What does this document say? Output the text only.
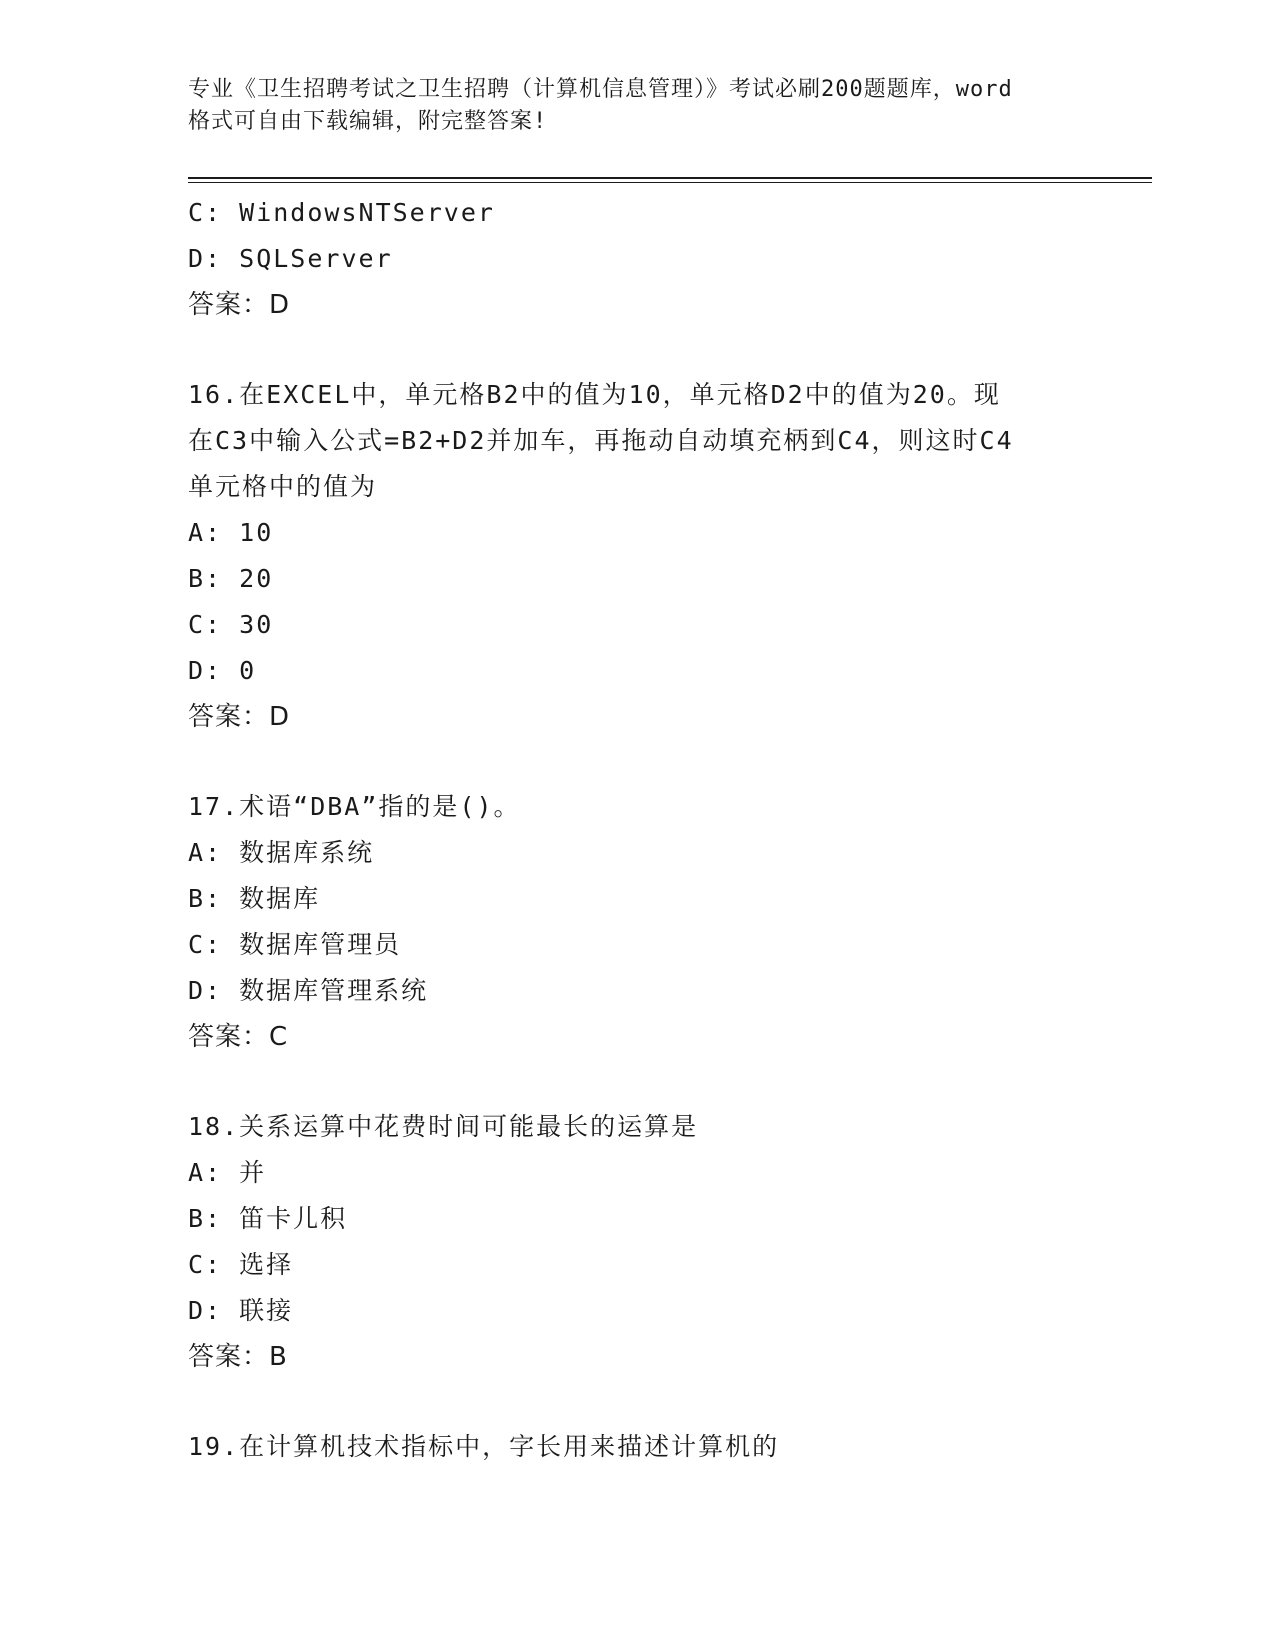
专业《卫生招聘考试之卫生招聘（计算机信息管理）》考试必刷200题题库，word
格式可自由下载编辑，附完整答案!
C: WindowsNTServer
D: SQLServer
答案：D
16.在EXCEL中，单元格B2中的值为10，单元格D2中的值为20。现
在C3中输入公式=B2+D2并加车，再拖动自动填充柄到C4，则这时C4
单元格中的值为
A: 10
B: 20
C: 30
D: 0
答案：D
17.术语“DBA”指的是()。
A: 数据库系统
B: 数据库
C: 数据库管理员
D: 数据库管理系统
答案：C
18.关系运算中花费时间可能最长的运算是
A: 并
B: 笛卡儿积
C: 选择
D: 联接
答案：B
19.在计算机技术指标中，字长用来描述计算机的
